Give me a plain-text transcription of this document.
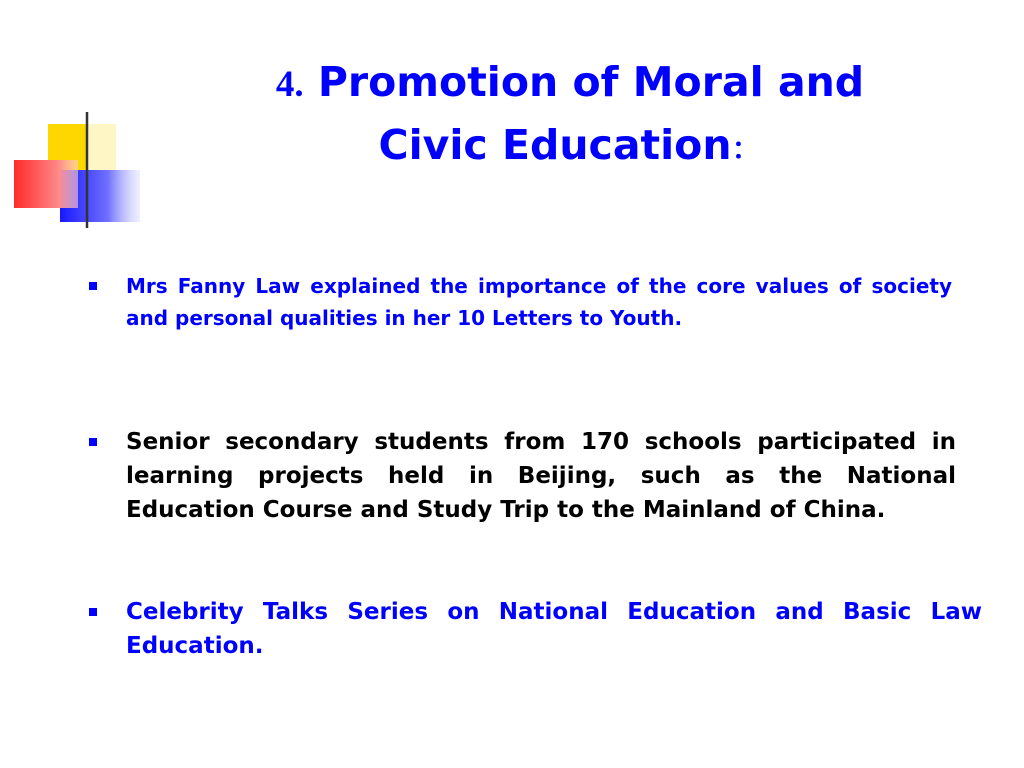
4. Promotion of Moral and
Civic Education：
Mrs Fanny Law explained the importance of the core values of society and personal qualities in her 10 Letters to Youth.
Senior secondary students from 170 schools participated in learning projects held in Beijing, such as the National Education Course and Study Trip to the Mainland of China.
Celebrity Talks Series on National Education and Basic Law Education.
